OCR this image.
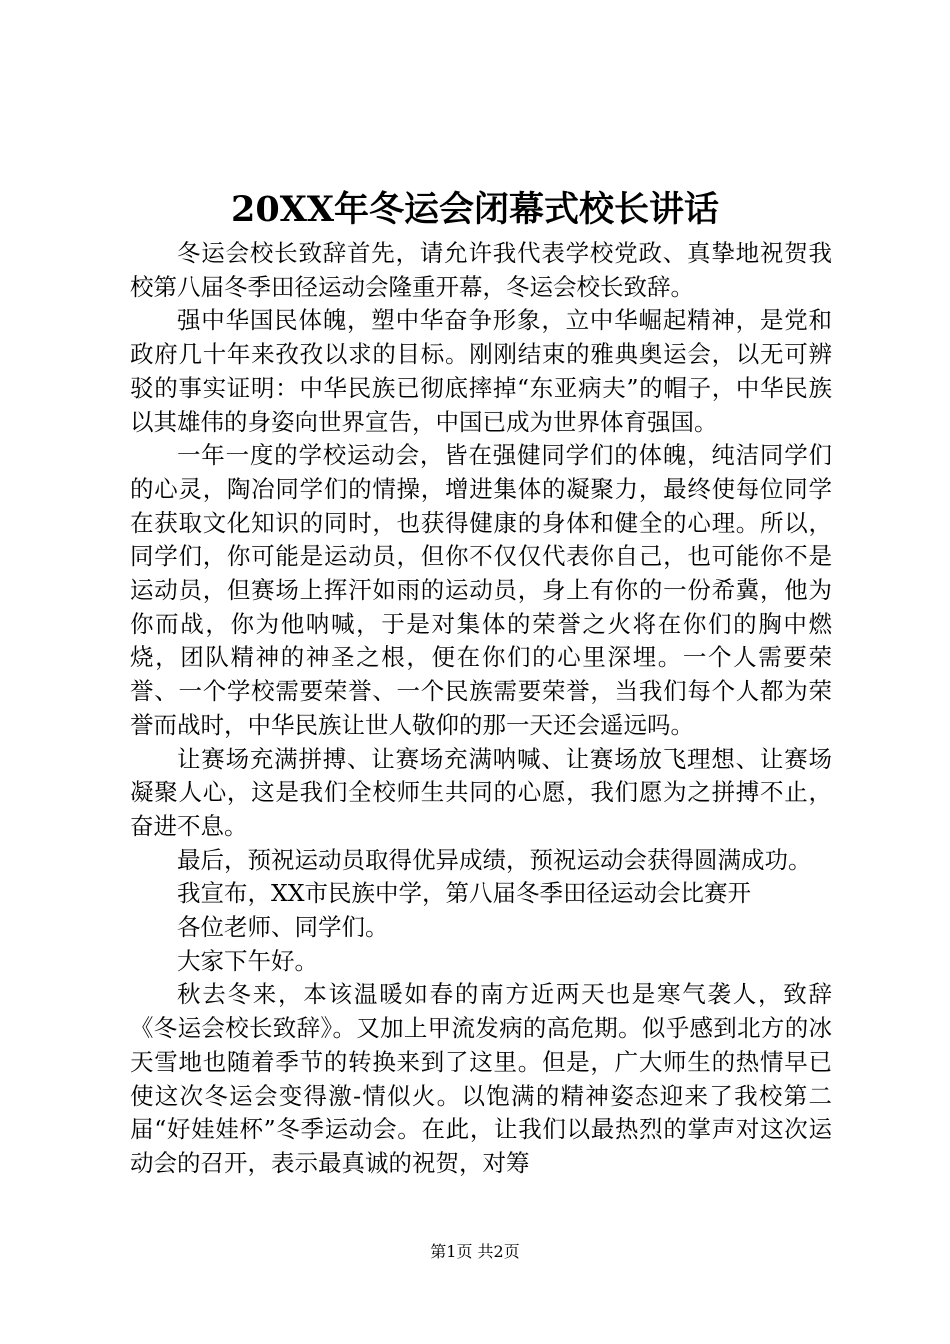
20XX年冬运会闭幕式校长讲话

冬运会校长致辞首先，请允许我代表学校党政、真挚地祝贺我校第八届冬季田径运动会隆重开幕，冬运会校长致辞。

强中华国民体魄，塑中华奋争形象，立中华崛起精神，是党和政府几十年来孜孜以求的目标。刚刚结束的雅典奥运会，以无可辨驳的事实证明：中华民族已彻底摔掉“东亚病夫”的帽子，中华民族以其雄伟的身姿向世界宣告，中国已成为世界体育强国。

一年一度的学校运动会，皆在强健同学们的体魄，纯洁同学们的心灵，陶冶同学们的情操，增进集体的凝聚力，最终使每位同学在获取文化知识的同时，也获得健康的身体和健全的心理。所以，同学们，你可能是运动员，但你不仅仅代表你自己，也可能你不是运动员，但赛场上挥汗如雨的运动员，身上有你的一份希冀，他为你而战，你为他呐喊，于是对集体的荣誉之火将在你们的胸中燃烧，团队精神的神圣之根，便在你们的心里深埋。一个人需要荣誉、一个学校需要荣誉、一个民族需要荣誉，当我们每个人都为荣誉而战时，中华民族让世人敬仰的那一天还会遥远吗。

让赛场充满拼搏、让赛场充满呐喊、让赛场放飞理想、让赛场凝聚人心，这是我们全校师生共同的心愿，我们愿为之拼搏不止，奋进不息。

最后，预祝运动员取得优异成绩，预祝运动会获得圆满成功。

我宣布，XX市民族中学，第八届冬季田径运动会比赛开

各位老师、同学们。

大家下午好。

秋去冬来，本该温暖如春的南方近两天也是寒气袭人，致辞《冬运会校长致辞》。又加上甲流发病的高危期。似乎感到北方的冰天雪地也随着季节的转换来到了这里。但是，广大师生的热情早已使这次冬运会变得激-情似火。以饱满的精神姿态迎来了我校第二届“好娃娃杯”冬季运动会。在此，让我们以最热烈的掌声对这次运动会的召开，表示最真诚的祝贺，对筹

第1页 共2页
